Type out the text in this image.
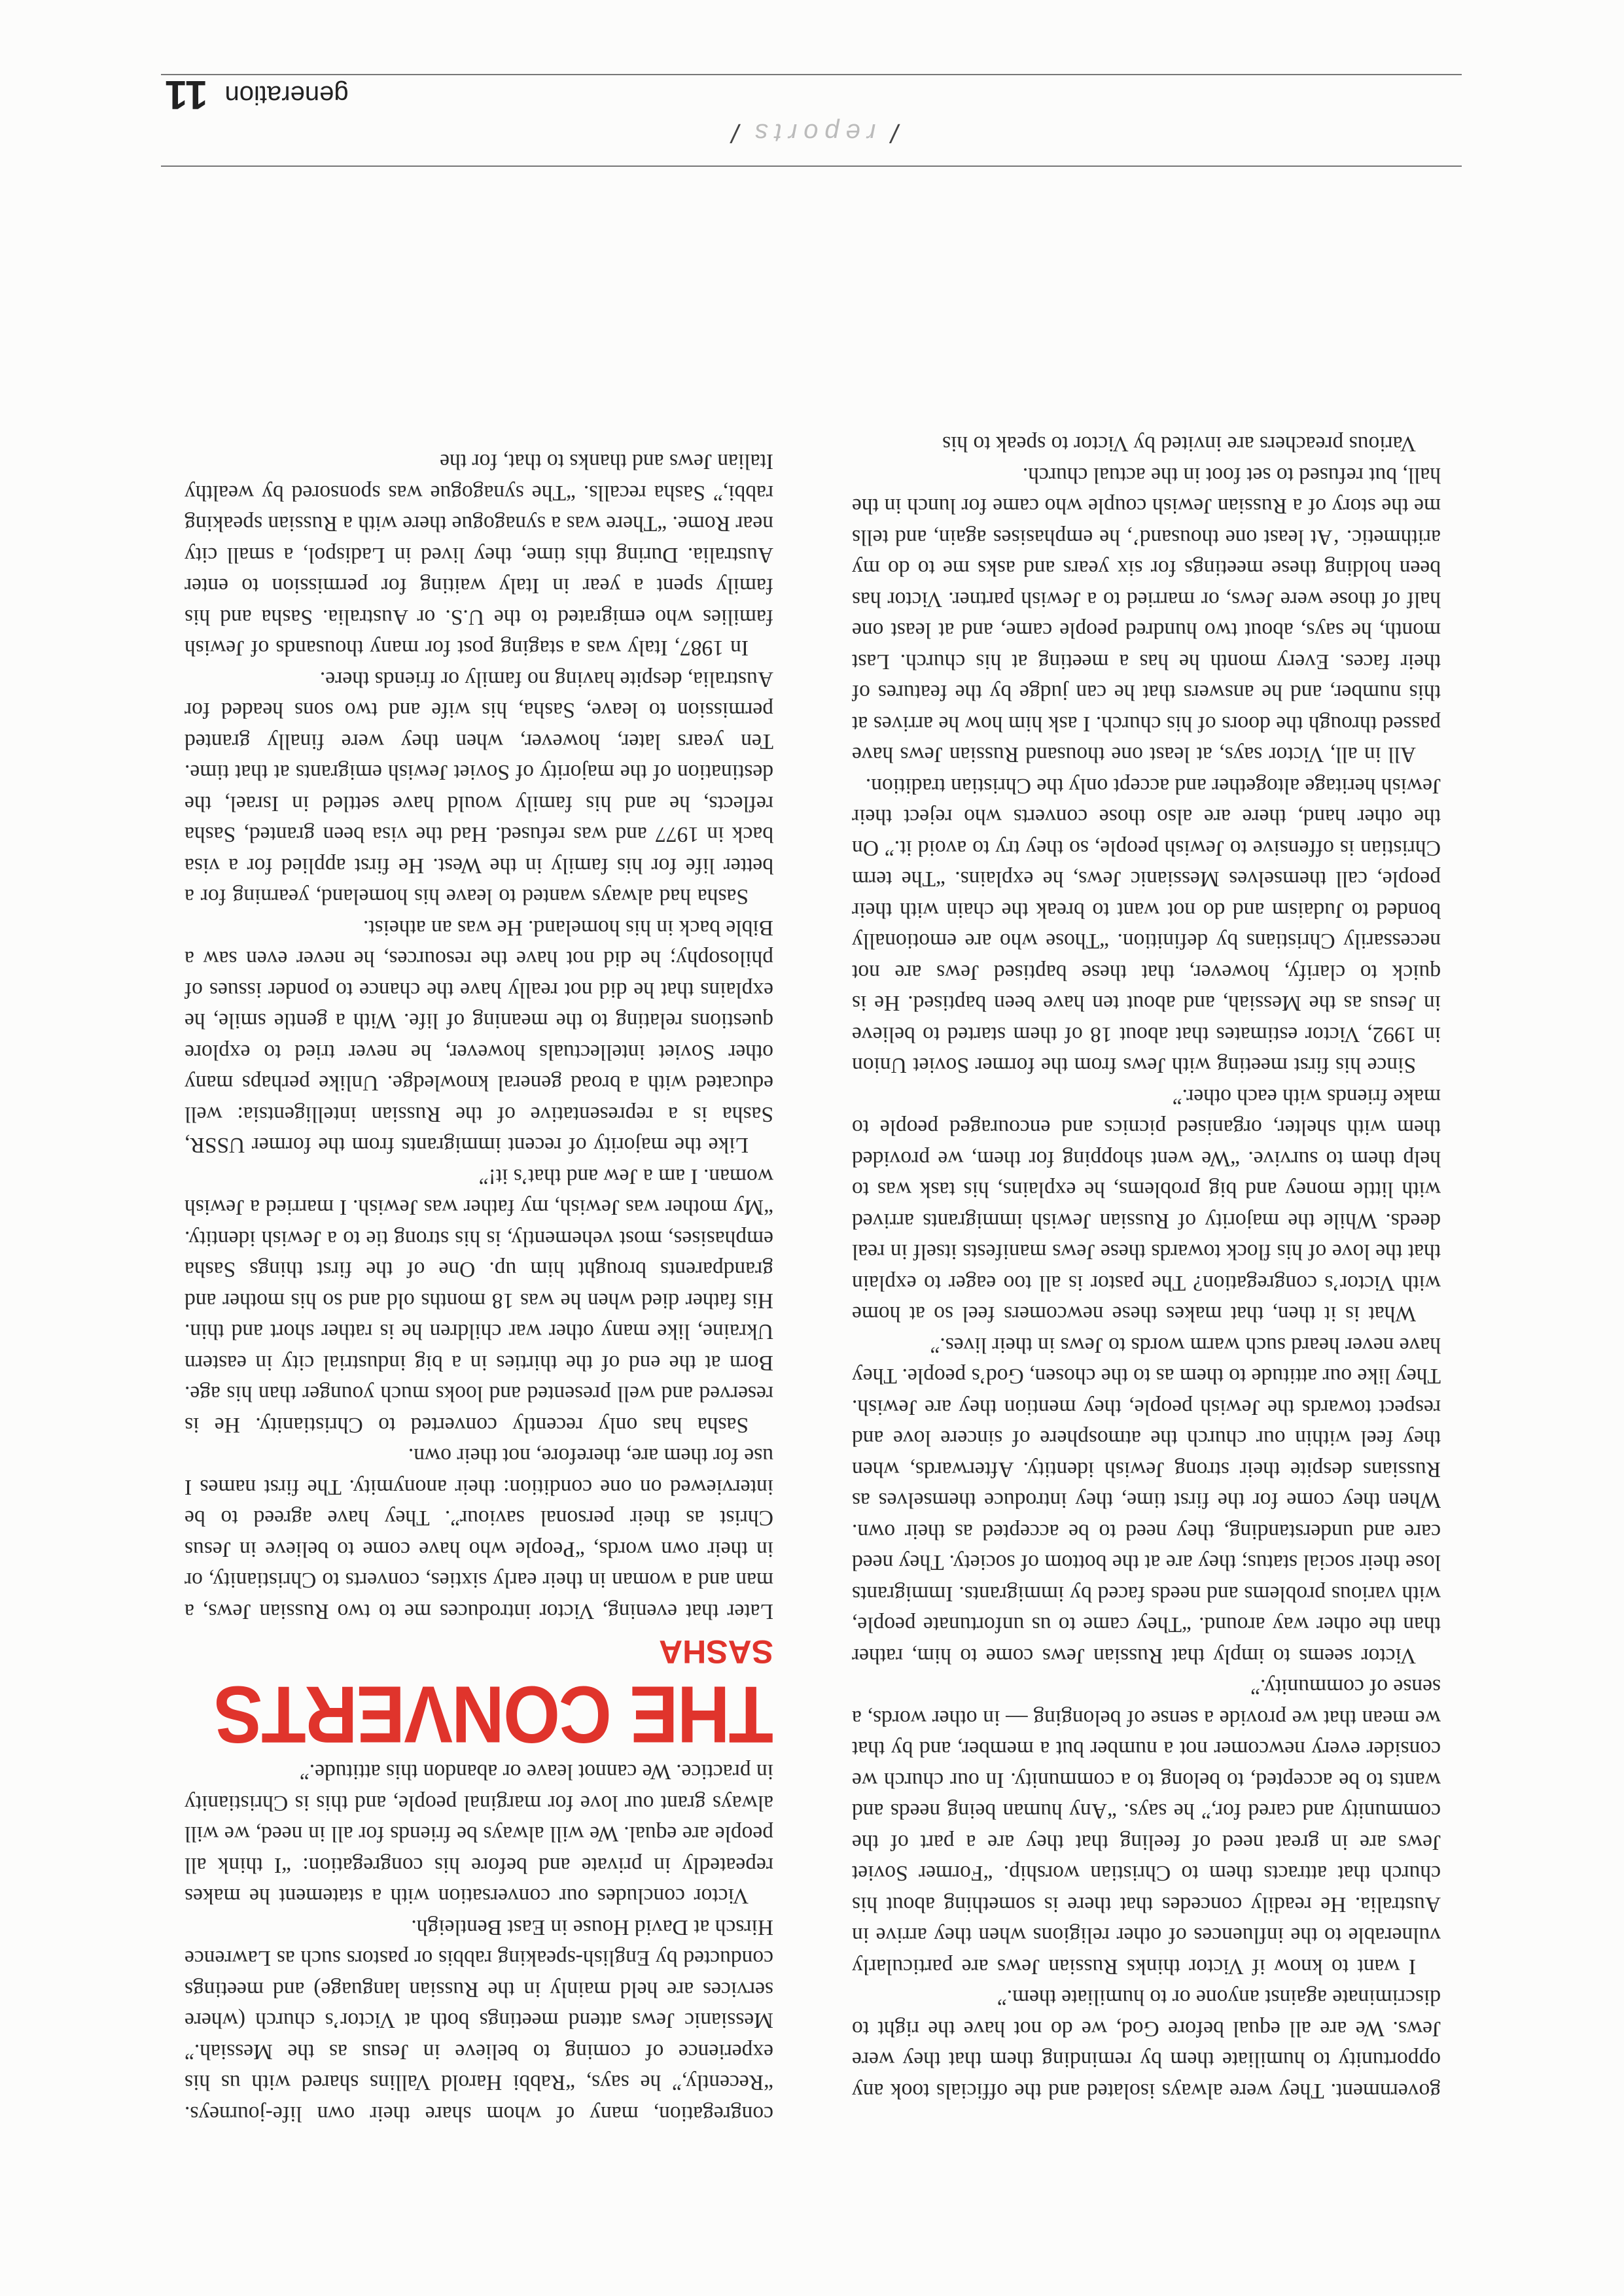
/reports/

government. They were always isolated and the officials took any opportunity to humiliate them by reminding them that they were Jews. We are all equal before God, we do not have the right to discriminate against anyone or to humiliate them.”

I want to know if Victor thinks Russian Jews are particularly vulnerable to the influences of other religions when they arrive in Australia. He readily concedes that there is something about his church that attracts them to Christian worship. “Former Soviet Jews are in great need of feeling that they are a part of the community and cared for,” he says. “Any human being needs and wants to be accepted, to belong to a community. In our church we consider every newcomer not a number but a member, and by that we mean that we provide a sense of belonging — in other words, a sense of community.”

Victor seems to imply that Russian Jews come to him, rather than the other way around. “They came to us unfortunate people, with various problems and needs faced by immigrants. Immigrants lose their social status; they are at the bottom of society. They need care and understanding, they need to be accepted as their own. When they come for the first time, they introduce themselves as Russians despite their strong Jewish identity. Afterwards, when they feel within our church the atmosphere of sincere love and respect towards the Jewish people, they mention they are Jewish. They like our attitude to them as to the chosen, God’s people. They have never heard such warm words to Jews in their lives.”

What is it then, that makes these newcomers feel so at home with Victor’s congregation? The pastor is all too eager to explain that the love of his flock towards these Jews manifests itself in real deeds. While the majority of Russian Jewish immigrants arrived with little money and big problems, he explains, his task was to help them to survive. “We went shopping for them, we provided them with shelter, organised picnics and encouraged people to make friends with each other.”

Since his first meeting with Jews from the former Soviet Union in 1992, Victor estimates that about 18 of them started to believe in Jesus as the Messiah, and about ten have been baptised. He is quick to clarify, however, that these baptised Jews are not necessarily Christians by definition. “Those who are emotionally bonded to Judaism and do not want to break the chain with their people, call themselves Messianic Jews, he explains. “The term Christian is offensive to Jewish people, so they try to avoid it.” On the other hand, there are also those converts who reject their Jewish heritage altogether and accept only the Christian tradition.

All in all, Victor says, at least one thousand Russian Jews have passed through the doors of his church. I ask him how he arrives at this number, and he answers that he can judge by the features of their faces. Every month he has a meeting at his church. Last month, he says, about two hundred people came, and at least one half of those were Jews, or married to a Jewish partner. Victor has been holding these meetings for six years and asks me to do my arithmetic. ‘At least one thousand’, he emphasises again, and tells me the story of a Russian Jewish couple who came for lunch in the hall, but refused to set foot in the actual church.

Various preachers are invited by Victor to speak to his

congregation, many of whom share their own life-journeys. “Recently,” he says, “Rabbi Harold Vallins shared with us his experience of coming to believe in Jesus as the Messiah.” Messianic Jews attend meetings both at Victor’s church (where services are held mainly in the Russian language) and meetings conducted by English-speaking rabbis or pastors such as Lawrence Hirsch at David House in East Bentleigh.

Victor concludes our conversation with a statement he makes repeatedly in private and before his congregation: “I think all people are equal. We will always be friends for all in need, we will always grant our love for marginal people, and this is Christianity in practice. We cannot leave or abandon this attitude.”

THE CONVERTS
SASHA

Later that evening, Victor introduces me to two Russian Jews, a man and a woman in their early sixties, converts to Christianity, or in their own words, “People who have come to believe in Jesus Christ as their personal saviour”. They have agreed to be interviewed on one condition: their anonymity. The first names I use for them are, therefore, not their own.

Sasha has only recently converted to Christianity. He is reserved and well presented and looks much younger than his age. Born at the end of the thirties in a big industrial city in eastern Ukraine, like many other war children he is rather short and thin. His father died when he was 18 months old and so his mother and grandparents brought him up. One of the first things Sasha emphasises, most vehemently, is his strong tie to a Jewish identity. “My mother was Jewish, my father was Jewish. I married a Jewish woman. I am a Jew and that’s it!”

Like the majority of recent immigrants from the former USSR, Sasha is a representative of the Russian intelligentsia: well educated with a broad general knowledge. Unlike perhaps many other Soviet intellectuals however, he never tried to explore questions relating to the meaning of life. With a gentle smile, he explains that he did not really have the chance to ponder issues of philosophy; he did not have the resources, he never even saw a Bible back in his homeland. He was an atheist.

Sasha had always wanted to leave his homeland, yearning for a better life for his family in the West. He first applied for a visa back in 1977 and was refused. Had the visa been granted, Sasha reflects, he and his family would have settled in Israel, the destination of the majority of Soviet Jewish emigrants at that time. Ten years later, however, when they were finally granted permission to leave, Sasha, his wife and two sons headed for Australia, despite having no family or friends there.

In 1987, Italy was a staging post for many thousands of Jewish families who emigrated to the U.S. or Australia. Sasha and his family spent a year in Italy waiting for permission to enter Australia. During this time, they lived in Ladispol, a small city near Rome. “There was a synagogue there with a Russian speaking rabbi,” Sasha recalls. “The synagogue was sponsored by wealthy Italian Jews and thanks to that, for the

generation11
